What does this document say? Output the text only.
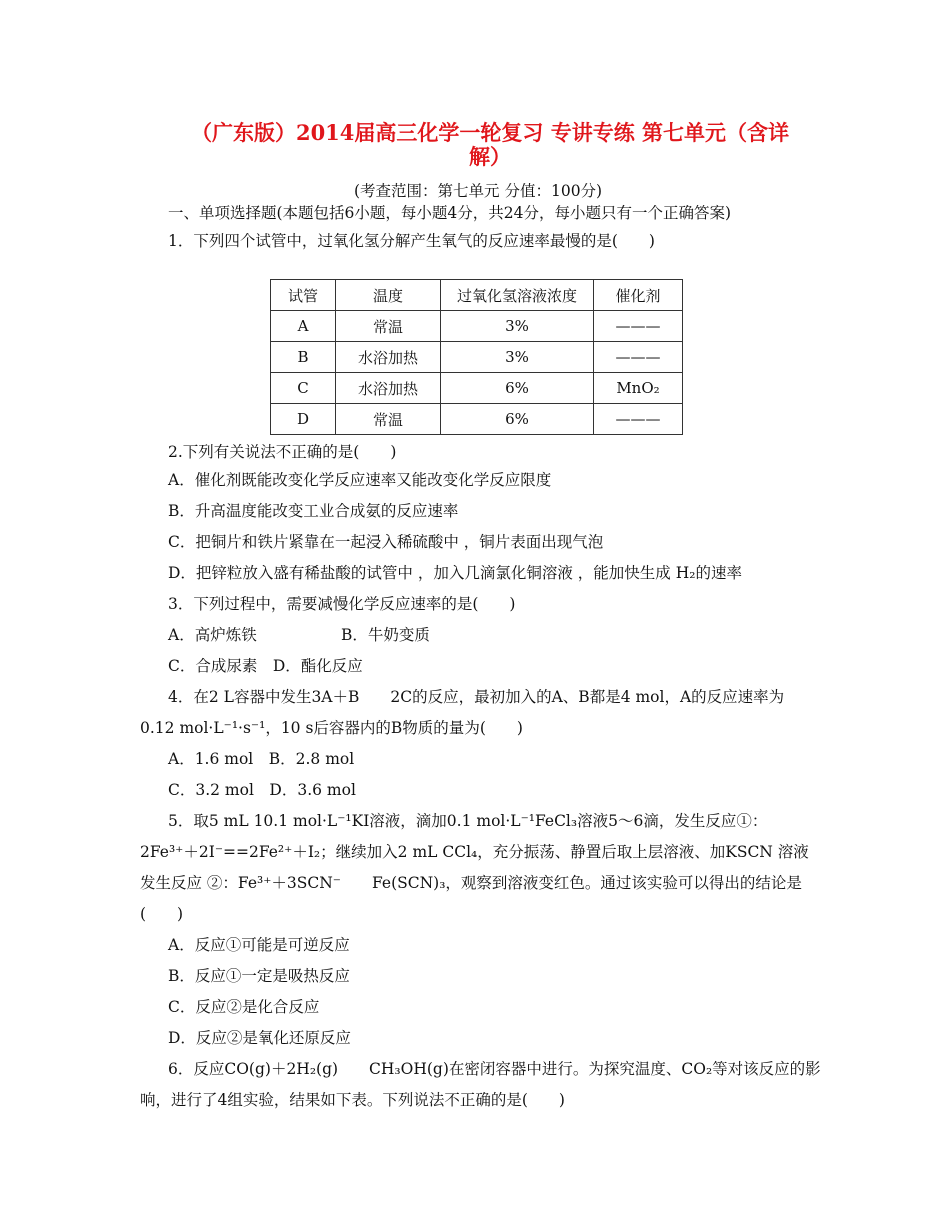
（广东版）2014届高三化学一轮复习 专讲专练 第七单元（含详
解）
(考查范围：第七单元 分值：100分)
一、单项选择题(本题包括6小题，每小题4分，共24分，每小题只有一个正确答案)
1．下列四个试管中，过氧化氢分解产生氧气的反应速率最慢的是(　　)
试管	温度	过氧化氢溶液浓度	催化剂
A	常温	3%	———
B	水浴加热	3%	———
C	水浴加热	6%	MnO₂
D	常温	6%	———
2.下列有关说法不正确的是(　　)
A．催化剂既能改变化学反应速率又能改变化学反应限度
B．升高温度能改变工业合成氨的反应速率
C．把铜片和铁片紧靠在一起浸入稀硫酸中 ，铜片表面出现气泡
D．把锌粒放入盛有稀盐酸的试管中 ，加入几滴氯化铜溶液 ，能加快生成 H₂的速率
3．下列过程中，需要减慢化学反应速率的是(　　)
A．高炉炼铁	B．牛奶变质
C．合成尿素　D．酯化反应
4．在2 L容器中发生3A＋B　　2C的反应，最初加入的A、B都是4 mol，A的反应速率为
0.12 mol·L⁻¹·s⁻¹，10 s后容器内的B物质的量为(　　)
A．1.6 mol　B．2.8 mol
C．3.2 mol　D．3.6 mol
5．取5 mL 10.1 mol·L⁻¹KI溶液，滴加0.1 mol·L⁻¹FeCl₃溶液5～6滴，发生反应①：
2Fe³⁺＋2I⁻==2Fe²⁺＋I₂；继续加入2 mL CCl₄，充分振荡、静置后取上层溶液、加KSCN 溶液
发生反应 ②：Fe³⁺＋3SCN⁻　　Fe(SCN)₃，观察到溶液变红色。通过该实验可以得出的结论是
(　　)
A．反应①可能是可逆反应
B．反应①一定是吸热反应
C．反应②是化合反应
D．反应②是氧化还原反应
6．反应CO(g)＋2H₂(g)　　CH₃OH(g)在密闭容器中进行。为探究温度、CO₂等对该反应的影
响，进行了4组实验，结果如下表。下列说法不正确的是(　　)
